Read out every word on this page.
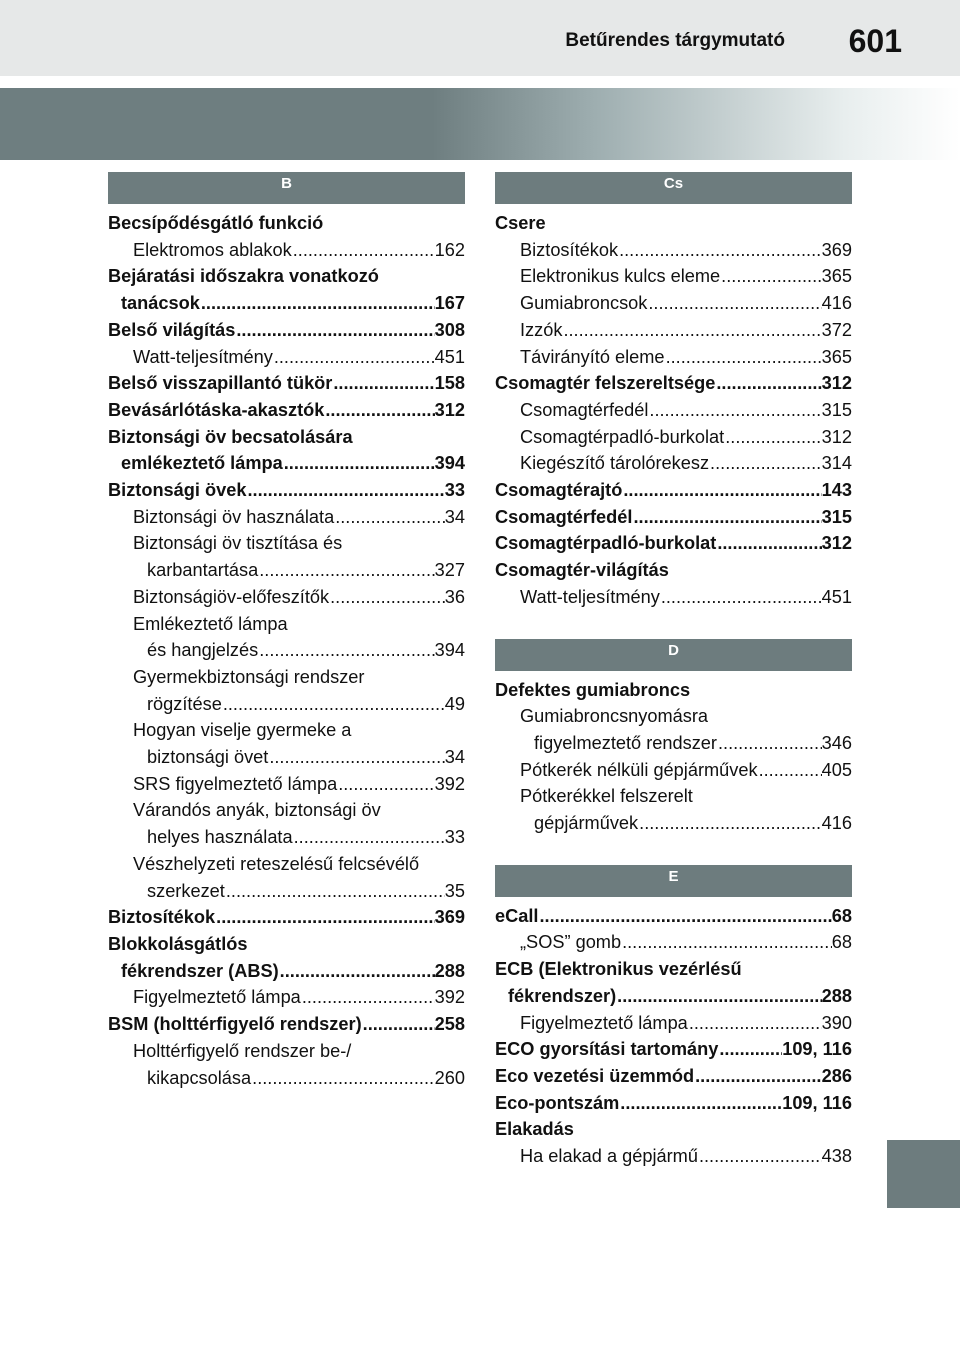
Betűrendes tárgymutató 601
B
Becsípődésgátló funkció
Elektromos ablakok .....	162
Bejáratási időszakra vonatkozó
tanácsok .....	167
Belső világítás .....	308
Watt-teljesítmény .....	451
Belső visszapillantó tükör .....	158
Bevásárlótáska-akasztók .....	312
Biztonsági öv becsatolására
emlékeztető lámpa .....	394
Biztonsági övek .....	33
Biztonsági öv használata .....	34
Biztonsági öv tisztítása és
karbantartása .....	327
Biztonságiöv-előfeszítők .....	36
Emlékeztető lámpa
és hangjelzés .....	394
Gyermekbiztonsági rendszer
rögzítése .....	49
Hogyan viselje gyermeke a
biztonsági övet .....	34
SRS figyelmeztető lámpa .....	392
Várandós anyák, biztonsági öv
helyes használata .....	33
Vészhelyzeti reteszelésű felcsévélő
szerkezet .....	35
Biztosítékok .....	369
Blokkolásgátlós
fékrendszer (ABS) .....	288
Figyelmeztető lámpa .....	392
BSM (holttérfigyelő rendszer) .....	258
Holttérfigyelő rendszer be-/
kikapcsolása .....	260
Cs
Csere
Biztosítékok .....	369
Elektronikus kulcs eleme .....	365
Gumiabroncsok .....	416
Izzók .....	372
Távirányító eleme .....	365
Csomagtér felszereltsége .....	312
Csomagtérfedél .....	315
Csomagtérpadló-burkolat .....	312
Kiegészítő tárolórekesz .....	314
Csomagtérajtó .....	143
Csomagtérfedél .....	315
Csomagtérpadló-burkolat .....	312
Csomagtér-világítás
Watt-teljesítmény .....	451
D
Defektes gumiabroncs
Gumiabroncsnyomásra
figyelmeztető rendszer .....	346
Pótkerék nélküli gépjárművek .....	405
Pótkerékkel felszerelt
gépjárművek .....	416
E
eCall .....	68
„SOS” gomb .....	68
ECB (Elektronikus vezérlésű
fékrendszer) .....	288
Figyelmeztető lámpa .....	390
ECO gyorsítási tartomány .....	109, 116
Eco vezetési üzemmód .....	286
Eco-pontszám .....	109, 116
Elakadás
Ha elakad a gépjármű .....	438
